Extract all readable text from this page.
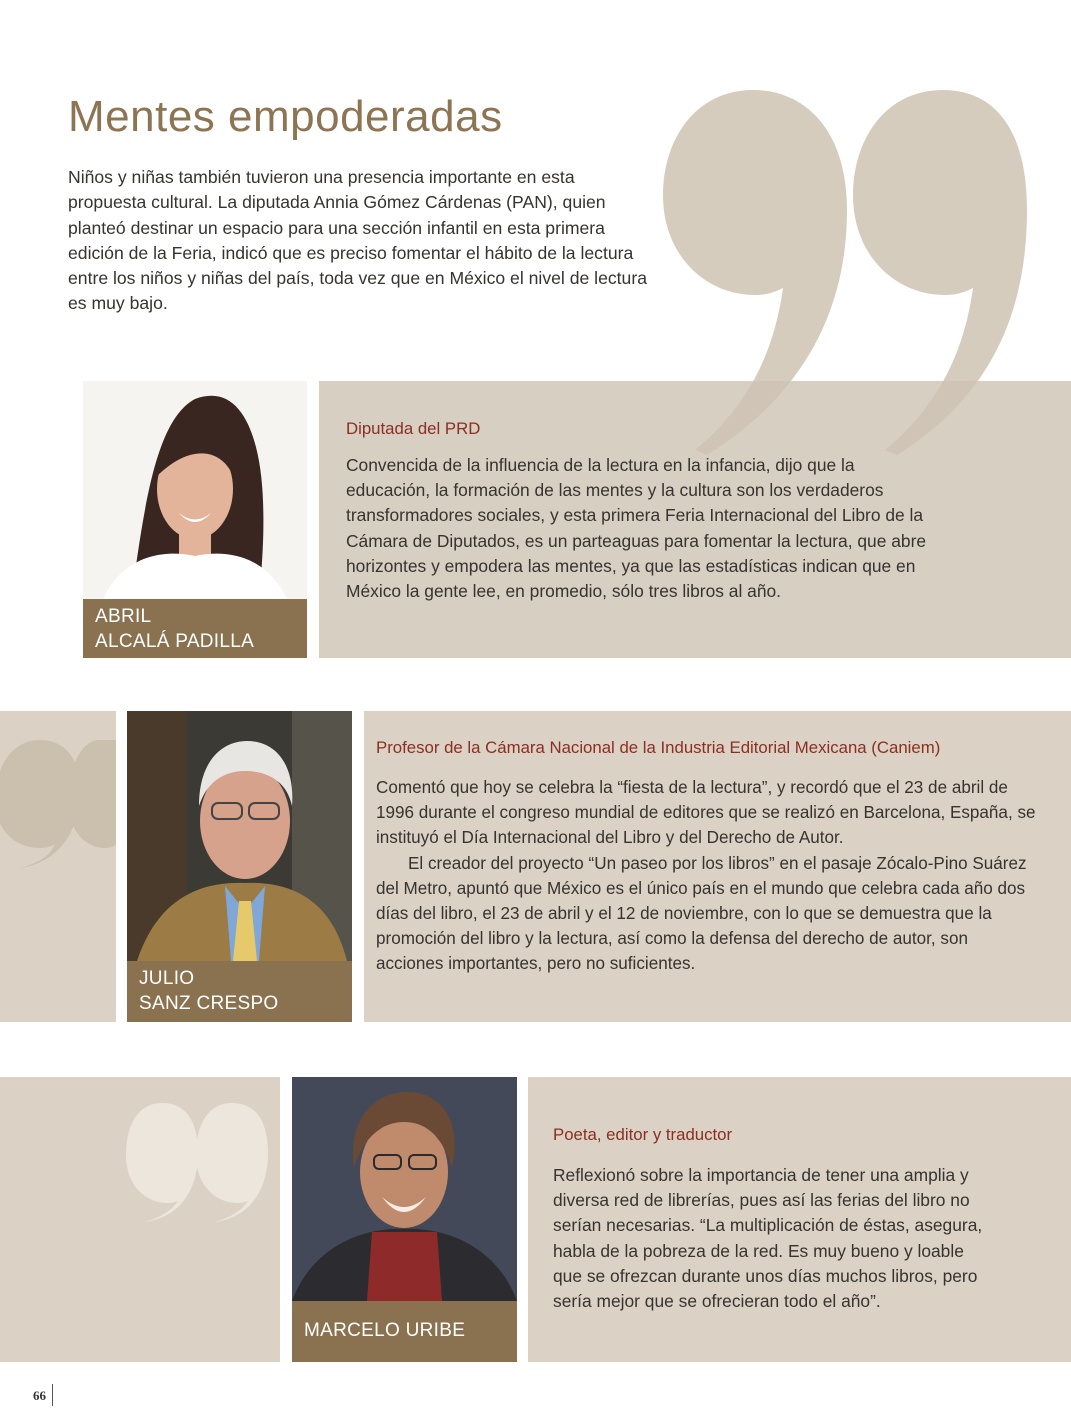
Mentes empoderadas

Niños y niñas también tuvieron una presencia importante en esta propuesta cultural. La diputada Annia Gómez Cárdenas (PAN), quien planteó destinar un espacio para una sección infantil en esta primera edición de la Feria, indicó que es preciso fomentar el hábito de la lectura entre los niños y niñas del país, toda vez que en México el nivel de lectura es muy bajo.

ABRIL
ALCALÁ PADILLA

Diputada del PRD

Convencida de la influencia de la lectura en la infancia, dijo que la educación, la formación de las mentes y la cultura son los verdaderos transformadores sociales, y esta primera Feria Internacional del Libro de la Cámara de Diputados, es un parteaguas para fomentar la lectura, que abre horizontes y empodera las mentes, ya que las estadísticas indican que en México la gente lee, en promedio, sólo tres libros al año.

JULIO
SANZ CRESPO

Profesor de la Cámara Nacional de la Industria Editorial Mexicana (Caniem)

Comentó que hoy se celebra la “fiesta de la lectura”, y recordó que el 23 de abril de 1996 durante el congreso mundial de editores que se realizó en Barcelona, España, se instituyó el Día Internacional del Libro y del Derecho de Autor.

El creador del proyecto “Un paseo por los libros” en el pasaje Zócalo-Pino Suárez del Metro, apuntó que México es el único país en el mundo que celebra cada año dos días del libro, el 23 de abril y el 12 de noviembre, con lo que se demuestra que la promoción del libro y la lectura, así como la defensa del derecho de autor, son acciones importantes, pero no suficientes.

MARCELO URIBE

Poeta, editor y traductor

Reflexionó sobre la importancia de tener una amplia y diversa red de librerías, pues así las ferias del libro no serían necesarias. “La multiplicación de éstas, asegura, habla de la pobreza de la red. Es muy bueno y loable que se ofrezcan durante unos días muchos libros, pero sería mejor que se ofrecieran todo el año”.

66
